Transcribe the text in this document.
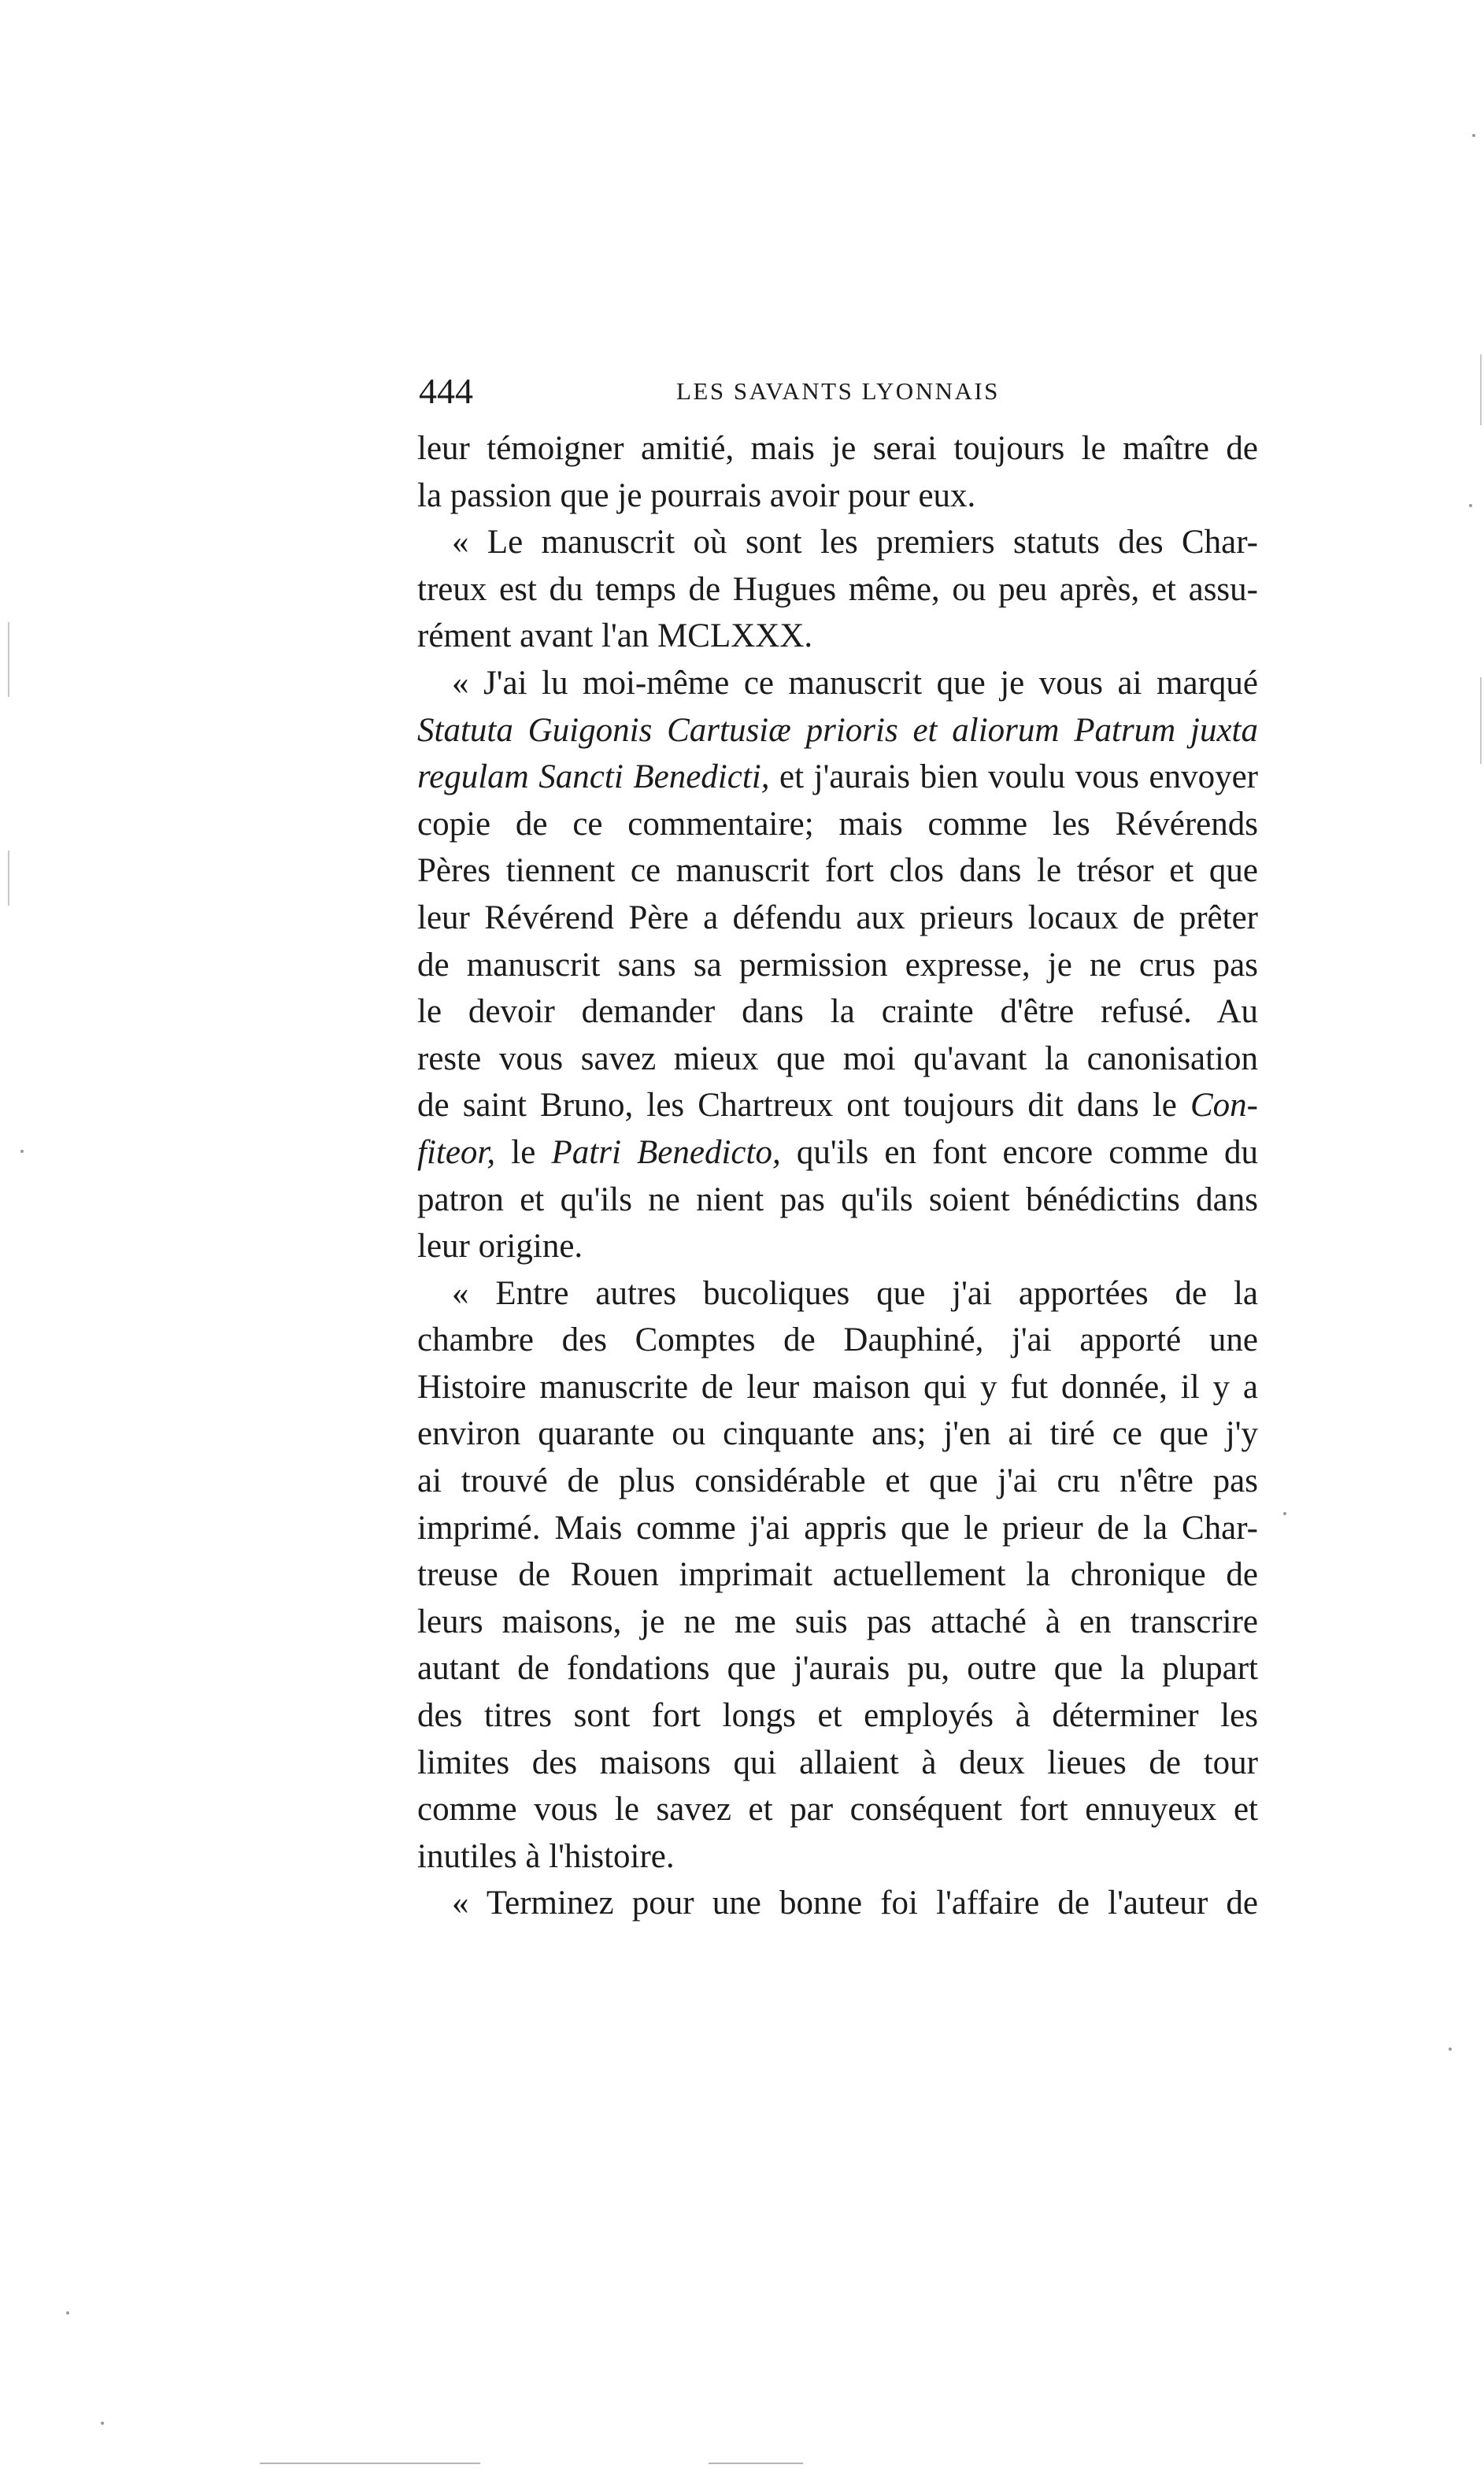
444	LES SAVANTS LYONNAIS
leur témoigner amitié, mais je serai toujours le maître de
la passion que je pourrais avoir pour eux.
« Le manuscrit où sont les premiers statuts des Char-
treux est du temps de Hugues même, ou peu après, et assu-
rément avant l'an MCLXXX.
« J'ai lu moi-même ce manuscrit que je vous ai marqué
Statuta Guigonis Cartusiæ prioris et aliorum Patrum juxta
regulam Sancti Benedicti, et j'aurais bien voulu vous envoyer
copie de ce commentaire; mais comme les Révérends
Pères tiennent ce manuscrit fort clos dans le trésor et que
leur Révérend Père a défendu aux prieurs locaux de prêter
de manuscrit sans sa permission expresse, je ne crus pas
le devoir demander dans la crainte d'être refusé. Au
reste vous savez mieux que moi qu'avant la canonisation
de saint Bruno, les Chartreux ont toujours dit dans le Con-
fiteor, le Patri Benedicto, qu'ils en font encore comme du
patron et qu'ils ne nient pas qu'ils soient bénédictins dans
leur origine.
« Entre autres bucoliques que j'ai apportées de la
chambre des Comptes de Dauphiné, j'ai apporté une
Histoire manuscrite de leur maison qui y fut donnée, il y a
environ quarante ou cinquante ans; j'en ai tiré ce que j'y
ai trouvé de plus considérable et que j'ai cru n'être pas
imprimé. Mais comme j'ai appris que le prieur de la Char-
treuse de Rouen imprimait actuellement la chronique de
leurs maisons, je ne me suis pas attaché à en transcrire
autant de fondations que j'aurais pu, outre que la plupart
des titres sont fort longs et employés à déterminer les
limites des maisons qui allaient à deux lieues de tour
comme vous le savez et par conséquent fort ennuyeux et
inutiles à l'histoire.
« Terminez pour une bonne foi l'affaire de l'auteur de
